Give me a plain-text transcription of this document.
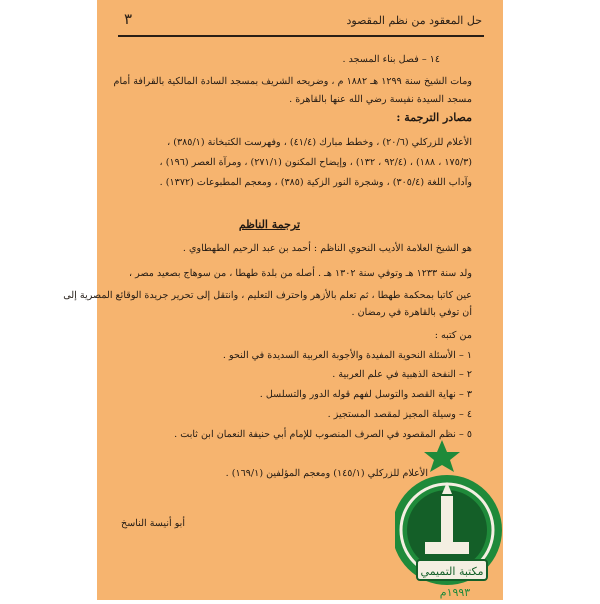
حل المعقود من نظم المقصود
٣
١٤ – فصل بناء المسجد .
ومات الشيخ سنة ١٢٩٩ هـ ١٨٨٢ م ، وضريحه الشريف بمسجد السادة المالكية بالقرافة أمام
مسجد السيدة نفيسة رضي الله عنها بالقاهرة .
مصادر الترجمة :
الأعلام للزركلي (٢٠/٦) ، وخطط مبارك (٤١/٤) ، وفهرست الكتبخانة (٣٨٥/١) ،
(١٧٥/٣ ، ١٨٨) ، (٩٢/٤ ، ١٣٢) ، وإيضاح المكنون (٢٧١/١) ، ومرآة العصر (١٩٦) ،
وآداب اللغة (٣٠٥/٤) ، وشجرة النور الزكية (٣٨٥) ، ومعجم المطبوعات (١٣٧٢) .
ترجمة الناظم
هو الشيخ العلامة الأديب النحوي الناظم : أحمد بن عبد الرحيم الطهطاوي .
ولد سنة ١٢٣٣ هـ وتوفي سنة ١٣٠٢ هـ . أصله من بلدة طهطا ، من سوهاج بصعيد مصر ،
عين كاتبا بمحكمة طهطا ، ثم تعلم بالأزهر واحترف التعليم ، وانتقل إلى تحرير جريدة الوقائع المصرية إلى
أن توفي بالقاهرة في رمضان .
من كتبه :
١ – الأسئلة النحوية المفيدة والأجوبة العربية السديدة في النحو .
٢ – النفحة الذهبية في علم العربية .
٣ – نهاية القصد والتوسل لفهم قوله الدور والتسلسل .
٤ – وسيلة المجيز لمقصد المستجيز .
٥ – نظم المقصود في الصرف المنصوب للإمام أبي حنيفة النعمان ابن ثابت .
الأعلام للزركلي (١٤٥/١) ومعجم المؤلفين (١٦٩/١) .
أبو أنيسة الناسخ
مكتبة التميمي
١٩٩٣م
